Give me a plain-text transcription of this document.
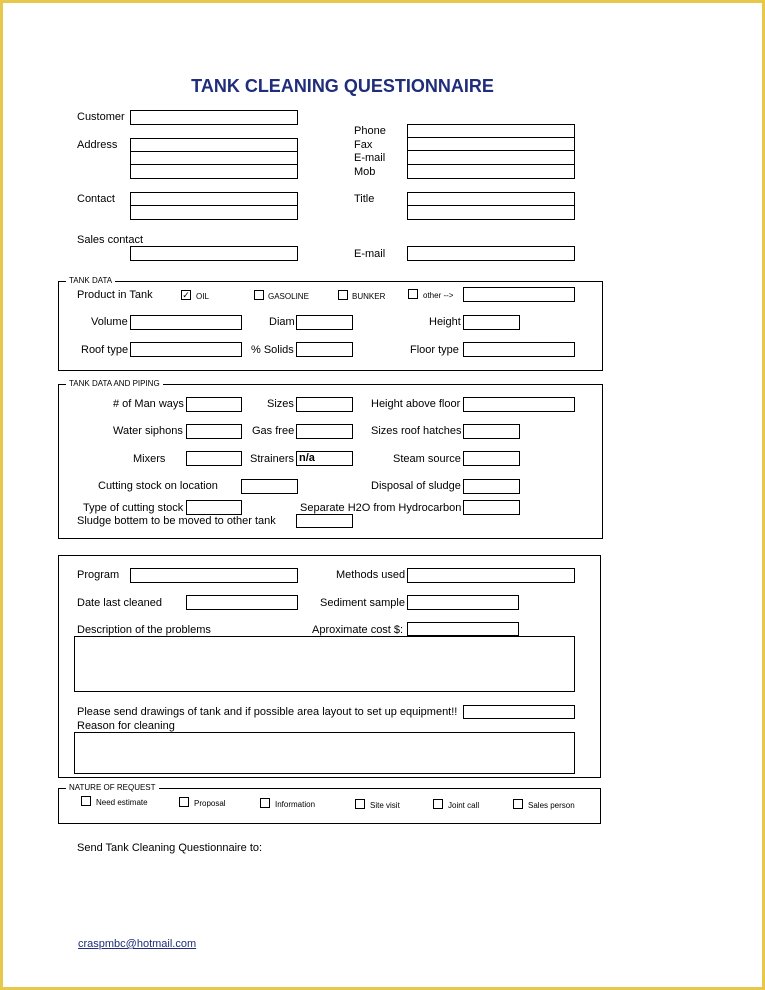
TANK CLEANING QUESTIONNAIRE
Customer
Address
Phone
Fax
E-mail
Mob
Contact	Title
Sales contact
E-mail
TANK DATA
Product in Tank	✓ OIL	GASOLINE	BUNKER	other -->
Volume	Diam	Height
Roof type	% Solids	Floor type
TANK DATA AND PIPING
# of Man ways	Sizes	Height above floor
Water siphons	Gas free	Sizes roof hatches
Mixers	Strainers n/a	Steam source
Cutting stock on location	Disposal of sludge
Type of cutting stock	Separate H2O from Hydrocarbon
Sludge bottem to be moved to other tank
Program	Methods used
Date last cleaned	Sediment sample
Description of the problems	Aproximate cost $:
Please send drawings of tank and if possible area layout to set up equipment!!
Reason for cleaning
NATURE OF REQUEST
Need estimate	Proposal	Information	Site visit	Joint call	Sales person
Send Tank Cleaning Questionnaire to:
craspmbc@hotmail.com
